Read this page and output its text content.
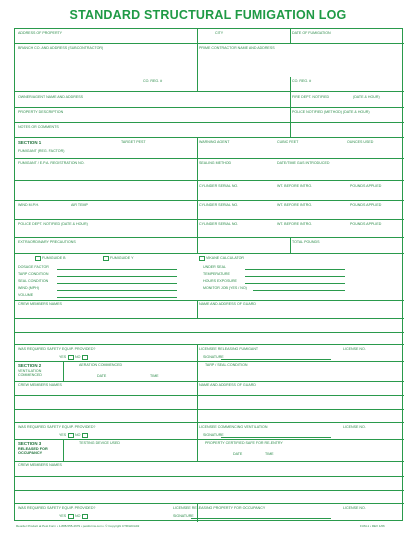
STANDARD STRUCTURAL FUMIGATION LOG
ADDRESS OF PROPERTY	CITY	DATE OF FUMIGATION
BRANCH CO. AND ADDRESS (SUBCONTRACTOR)	PRIME CONTRACTOR NAME AND ADDRESS
CO. REG. #	CO. REG. #
OWNER/AGENT NAME AND ADDRESS	FIRE DEPT. NOTIFIED	(DATE & HOUR)
PROPERTY DESCRIPTION	POLICE NOTIFIED (METHOD) (DATE & HOUR)
NOTES OR COMMENTS
SECTION 1	TARGET PEST	WARNING AGENT	CUBIC FEET	OUNCES USED
FUMIGANT (REG. FACTOR)
FUMIGANT / E.P.A. REGISTRATION NO.	SEALING METHOD	DATE/TIME GAS INTRODUCED
CYLINDER SERIAL NO.	WT. BEFORE INTRO.	POUNDS APPLIED
WIND M.P.H.	AIR TEMP	CYLINDER SERIAL NO.	WT. BEFORE INTRO.	POUNDS APPLIED
POLICE DEPT. NOTIFIED (DATE & HOUR)	CYLINDER SERIAL NO.	WT. BEFORE INTRO.	POUNDS APPLIED
EXTRAORDINARY PRECAUTIONS	TOTAL POUNDS
FUMIGUIDE B	FUMIGUIDE Y	VIKANE CALCULATOR
DOSAGE FACTOR
TARP CONDITION
SEAL CONDITION
WIND (MPH)
VOLUME
UNDER SEAL
TEMPERATURE
HOURS EXPOSURE
MONITOR JOB (YES / NO)
CREW MEMBERS NAMES	NAME AND ADDRESS OF GUARD
WAS REQUIRED SAFETY EQUIP. PROVIDED?	LICENSEE RELEASING FUMIGANT	LICENSE NO.
YES NO	SIGNATURE
SECTION 2
VENTILATION COMMENCED
AERATION COMMENCED	TARP / SEAL CONDITION
DATE	TIME
CREW MEMBERS NAMES	NAME AND ADDRESS OF GUARD
WAS REQUIRED SAFETY EQUIP. PROVIDED?	LICENSEE COMMENCING VENTILATION	LICENSE NO.
YES NO	SIGNATURE
SECTION 3
RELEASED FOR OCCUPANCY
TESTING DEVICE USED	PROPERTY CERTIFIED SAFE FOR RE-ENTRY
DATE	TIME
CREW MEMBERS NAMES
WAS REQUIRED SAFETY EQUIP. PROVIDED?	LICENSEE RELEASING PROPERTY FOR OCCUPANCY	LICENSE NO.
YES NO	SIGNATURE
Reorder Product at Pest Form • 1-888-555-4679 • pestforms.com • © Copyright CTR/HK/A02	FUM-1 • REV 1/06
